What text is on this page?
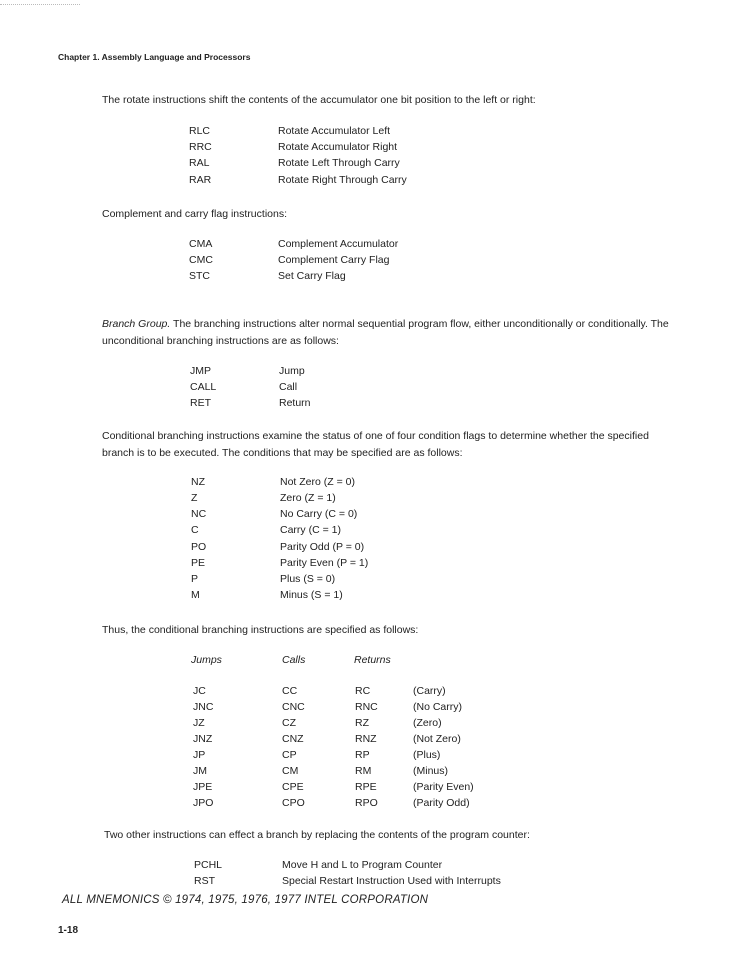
Chapter 1. Assembly Language and Processors
The rotate instructions shift the contents of the accumulator one bit position to the left or right:
RLC	Rotate Accumulator Left
RRC	Rotate Accumulator Right
RAL	Rotate Left Through Carry
RAR	Rotate Right Through Carry
Complement and carry flag instructions:
CMA	Complement Accumulator
CMC	Complement Carry Flag
STC	Set Carry Flag
Branch Group. The branching instructions alter normal sequential program flow, either unconditionally or conditionally. The unconditional branching instructions are as follows:
JMP	Jump
CALL	Call
RET	Return
Conditional branching instructions examine the status of one of four condition flags to determine whether the specified branch is to be executed. The conditions that may be specified are as follows:
NZ	Not Zero (Z = 0)
Z	Zero (Z = 1)
NC	No Carry (C = 0)
C	Carry (C = 1)
PO	Parity Odd (P = 0)
PE	Parity Even (P = 1)
P	Plus (S = 0)
M	Minus (S = 1)
Thus, the conditional branching instructions are specified as follows:
Jumps	Calls	Returns
JC	CC	RC	(Carry)
JNC	CNC	RNC	(No Carry)
JZ	CZ	RZ	(Zero)
JNZ	CNZ	RNZ	(Not Zero)
JP	CP	RP	(Plus)
JM	CM	RM	(Minus)
JPE	CPE	RPE	(Parity Even)
JPO	CPO	RPO	(Parity Odd)
Two other instructions can effect a branch by replacing the contents of the program counter:
PCHL	Move H and L to Program Counter
RST	Special Restart Instruction Used with Interrupts
ALL MNEMONICS © 1974, 1975, 1976, 1977 INTEL CORPORATION
1-18
